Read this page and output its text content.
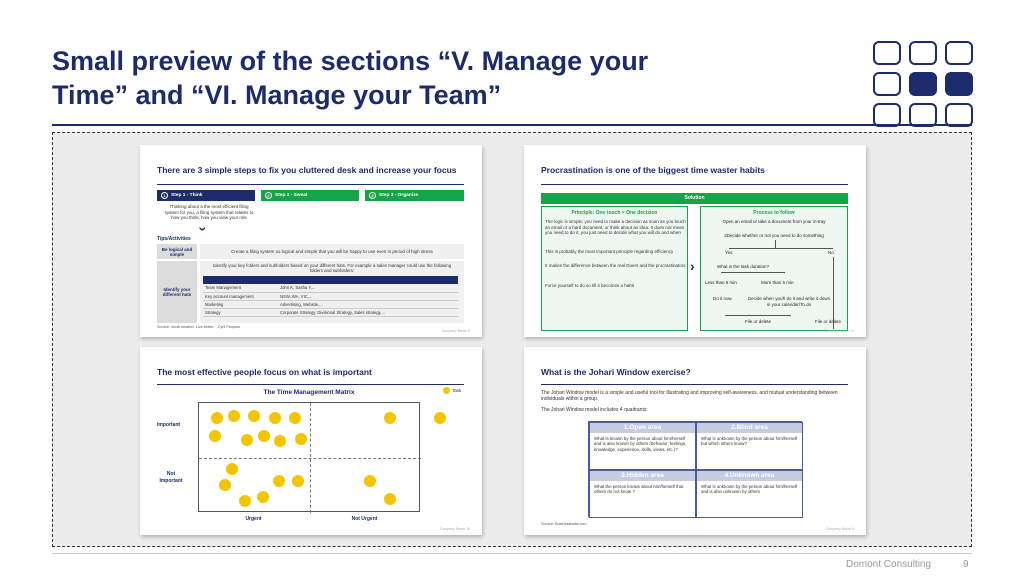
Small preview of the sections “V. Manage your
Time” and “VI. Manage your Team”
There are 3 simple steps to fix you cluttered desk and increase your focus
1	Step 1 - Think	2	Step 2 - Sweat	3	Step 3 - Organize
Thinking about a the most efficient filing system for you, a filing system that relates to how you think, how you view your role
›
Tips/Activities
Be logical and simple	Create a filing system so logical and simple that you will be happy to use even in period of high stress
Identify your different hats
Identify your key folders and subfolders based on your different hats. For example a sales manager could use the following folders and subfolders:

Team Management	John K, Sasha Y,...
Key account management	NSW, WA, VIC,...
Marketing	Advertising, Website,...
Strategy	Corporate Strategy, Divisional Strategy, Sales strategy,...
Source: Work smarter. Live better. - Cyril Peupion
Company Name 8
Procrastination is one of the biggest time waster habits
Solution
Principle: One touch = One decision
The logic is simple, you need to make a decision as soon as you touch an email or a hard document, or think about an idea. It does not mean you need to do it, you just need to decide what you will do and when
This is probably the most important principle regarding efficiency
It makes the difference between the real Doers and the procrastinators
Force yourself to do so till it becomes a habit
›
Process to follow
Open an email or take a document from your in-tray
2Decide whether or not you need to do something
Yes	No
What is the task duration?
Less than 5 min	More than 5 min
Do it now	Decide when you'll do it and write it down in your calendar/To do
File or delete	File or delete
Company Name 10
The most effective people focus on what is important
The Time Management Matrix	Task
Important
Not Important
Urgent	Not Urgent
Company Name 10
What is the Johari Window exercise?
The Johari Window model is a simple and useful tool for illustrating and improving self-awareness, and mutual understanding between individuals within a group.
The Johari Window model includes 4 quadrants:
1.Open area
What is known by the person about him/herself and is also known by others (behavior, feelings, knowledge, experience, skills, views, etc.)?
2.Blind area
What is unknown by the person about him/herself but which others know?
3.Hidden area
What the person knows about him/herself that others do not know ?
4.Unknown area
What is unknown by the person about him/herself and is also unknown by others
Source: Businessballs.com
Company Name 9
Domont Consulting	9
